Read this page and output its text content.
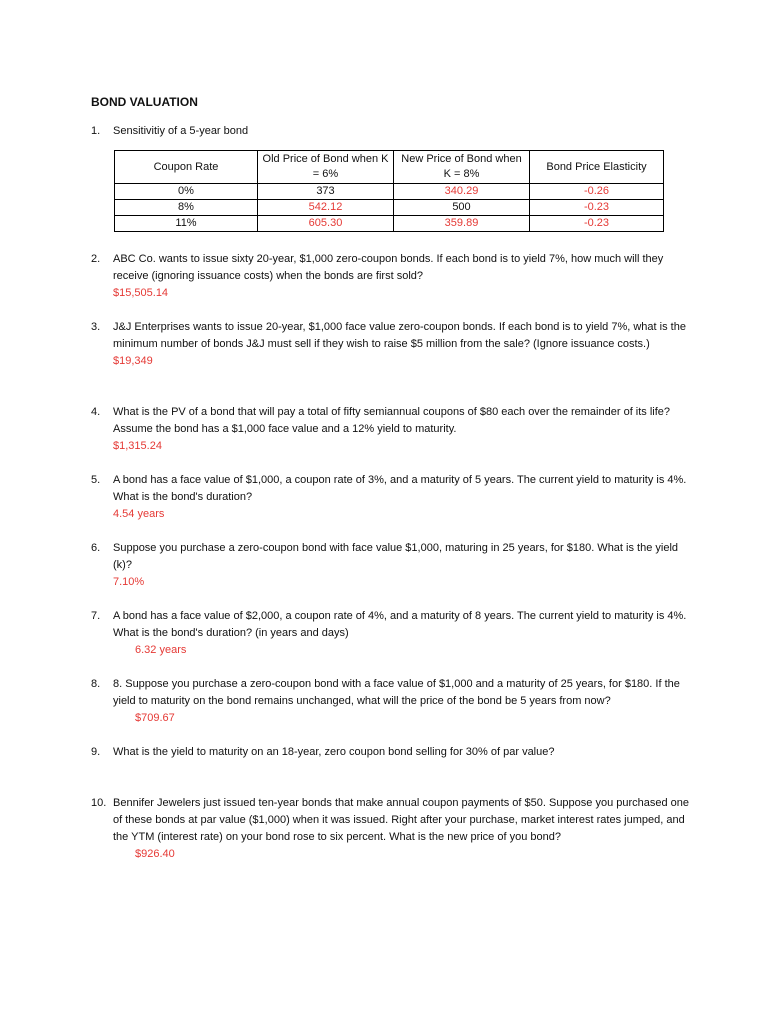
BOND VALUATION
1. Sensitivitiy of a 5-year bond
Coupon Rate	Old Price of Bond when K = 6%	New Price of Bond when K = 8%	Bond Price Elasticity
0%	373	340.29	-0.26
8%	542.12	500	-0.23
11%	605.30	359.89	-0.23
2. ABC Co. wants to issue sixty 20-year, $1,000 zero-coupon bonds. If each bond is to yield 7%, how much will they receive (ignoring issuance costs) when the bonds are first sold?
$15,505.14
3. J&J Enterprises wants to issue 20-year, $1,000 face value zero-coupon bonds. If each bond is to yield 7%, what is the minimum number of bonds J&J must sell if they wish to raise $5 million from the sale? (Ignore issuance costs.)
$19,349
4. What is the PV of a bond that will pay a total of fifty semiannual coupons of $80 each over the remainder of its life? Assume the bond has a $1,000 face value and a 12% yield to maturity.
$1,315.24
5. A bond has a face value of $1,000, a coupon rate of 3%, and a maturity of 5 years. The current yield to maturity is 4%. What is the bond's duration?
4.54 years
6. Suppose you purchase a zero-coupon bond with face value $1,000, maturing in 25 years, for $180. What is the yield (k)?
7.10%
7. A bond has a face value of $2,000, a coupon rate of 4%, and a maturity of 8 years. The current yield to maturity is 4%. What is the bond's duration? (in years and days)
6.32 years
8. 8. Suppose you purchase a zero-coupon bond with a face value of $1,000 and a maturity of 25 years, for $180. If the yield to maturity on the bond remains unchanged, what will the price of the bond be 5 years from now?
$709.67
9. What is the yield to maturity on an 18-year, zero coupon bond selling for 30% of par value?
10. Bennifer Jewelers just issued ten-year bonds that make annual coupon payments of $50. Suppose you purchased one of these bonds at par value ($1,000) when it was issued. Right after your purchase, market interest rates jumped, and the YTM (interest rate) on your bond rose to six percent. What is the new price of you bond?
$926.40
